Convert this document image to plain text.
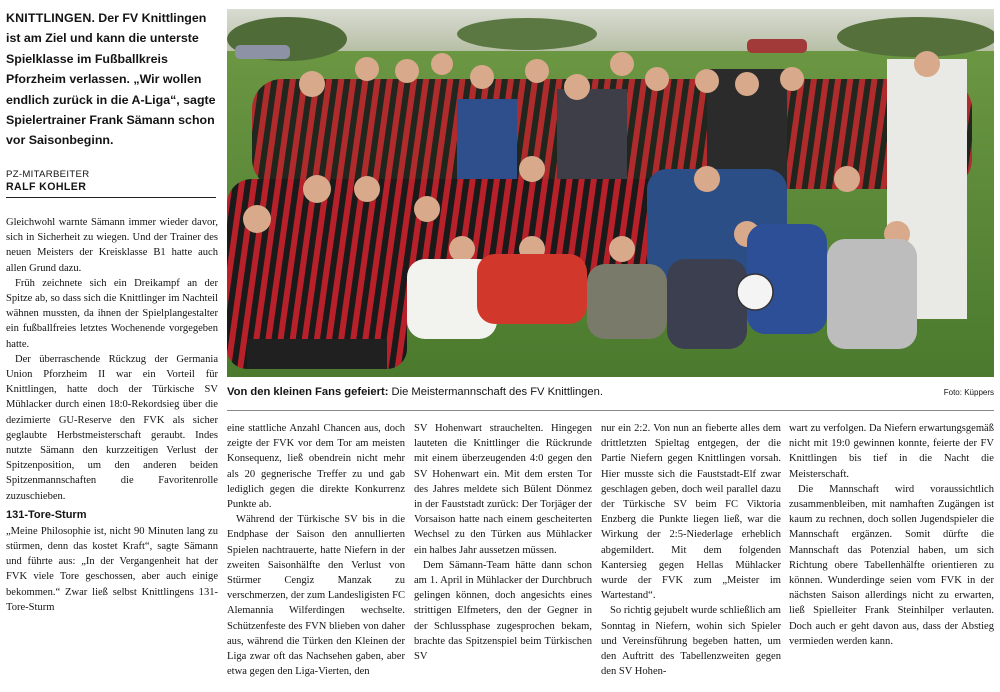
KNITTLINGEN. Der FV Knittlingen ist am Ziel und kann die unterste Spielklasse im Fußballkreis Pforzheim verlassen. „Wir wollen endlich zurück in die A-Liga“, sagte Spielertrainer Frank Sämann schon vor Saisonbeginn.

PZ-MITARBEITER

RALF KOHLER

Gleichwohl warnte Sämann immer wieder davor, sich in Sicherheit zu wiegen. Und der Trainer des neuen Meisters der Kreisklasse B1 hatte auch allen Grund dazu.

Früh zeichnete sich ein Dreikampf an der Spitze ab, so dass sich die Knittlinger im Nachteil wähnen mussten, da ihnen der Spielplangestalter ein fußballfreies letztes Wochenende vorgegeben hatte.

Der überraschende Rückzug der Germania Union Pforzheim II war ein Vorteil für Knittlingen, hatte doch der Türkische SV Mühlacker durch einen 18:0-Rekordsieg über die dezimierte GU-Reserve den FVK als sicher geglaubte Herbstmeisterschaft geraubt. Indes nutzte Sämann den kurzzeitigen Verlust der Spitzenposition, um den anderen beiden Spitzenmannschaften die Favoritenrolle zuzuschieben.

131-Tore-Sturm

„Meine Philosophie ist, nicht 90 Minuten lang zu stürmen, denn das kostet Kraft“, sagte Sämann und führte aus: „In der Vergangenheit hat der FVK viele Tore geschossen, aber auch einige bekommen.“ Zwar ließ selbst Knittlingens 131-Tore-Sturm

Von den kleinen Fans gefeiert: Die Meistermannschaft des FV Knittlingen.	Foto: Küppers

eine stattliche Anzahl Chancen aus, doch zeigte der FVK vor dem Tor am meisten Konsequenz, ließ obendrein nicht mehr als 20 gegnerische Treffer zu und gab lediglich gegen die direkte Konkurrenz Punkte ab.

Während der Türkische SV bis in die Endphase der Saison den annullierten Spielen nachtrauerte, hatte Niefern in der zweiten Saisonhälfte den Verlust von Stürmer Cengiz Manzak zu verschmerzen, der zum Landesligisten FC Alemannia Wilferdingen wechselte. Schützenfeste des FVN blieben von daher aus, während die Türken den Kleinen der Liga zwar oft das Nachsehen gaben, aber etwa gegen den Liga-Vierten, den

SV Hohenwart strauchelten. Hingegen lauteten die Knittlinger die Rückrunde mit einem überzeugenden 4:0 gegen den SV Hohenwart ein. Mit dem ersten Tor des Jahres meldete sich Bülent Dönmez in der Fauststadt zurück: Der Torjäger der Vorsaison hatte nach einem gescheiterten Wechsel zu den Türken aus Mühlacker ein halbes Jahr aussetzen müssen.

Dem Sämann-Team hätte dann schon am 1. April in Mühlacker der Durchbruch gelingen können, doch angesichts eines strittigen Elfmeters, den der Gegner in der Schlussphase zugesprochen bekam, brachte das Spitzenspiel beim Türkischen SV

nur ein 2:2. Von nun an fieberte alles dem drittletzten Spieltag entgegen, der die Partie Niefern gegen Knittlingen vorsah. Hier musste sich die Fauststadt-Elf zwar geschlagen geben, doch weil parallel dazu der Türkische SV beim FC Viktoria Enzberg die Punkte liegen ließ, war die Wirkung der 2:5-Niederlage erheblich abgemildert. Mit dem folgenden Kantersieg gegen Hellas Mühlacker wurde der FVK zum „Meister im Wartestand“.

So richtig gejubelt wurde schließlich am Sonntag in Niefern, wohin sich Spieler und Vereinsführung begeben hatten, um den Auftritt des Tabellenzweiten gegen den SV Hohen-

wart zu verfolgen. Da Niefern erwartungsgemäß nicht mit 19:0 gewinnen konnte, feierte der FV Knittlingen bis tief in die Nacht die Meisterschaft.

Die Mannschaft wird voraussichtlich zusammenbleiben, mit namhaften Zugängen ist kaum zu rechnen, doch sollen Jugendspieler die Mannschaft ergänzen. Somit dürfte die Mannschaft das Potenzial haben, um sich Richtung obere Tabellenhälfte orientieren zu können. Wunderdinge seien vom FVK in der nächsten Saison allerdings nicht zu erwarten, ließ Spielleiter Frank Steinhilper verlauten. Doch auch er geht davon aus, dass der Abstieg vermieden werden kann.
